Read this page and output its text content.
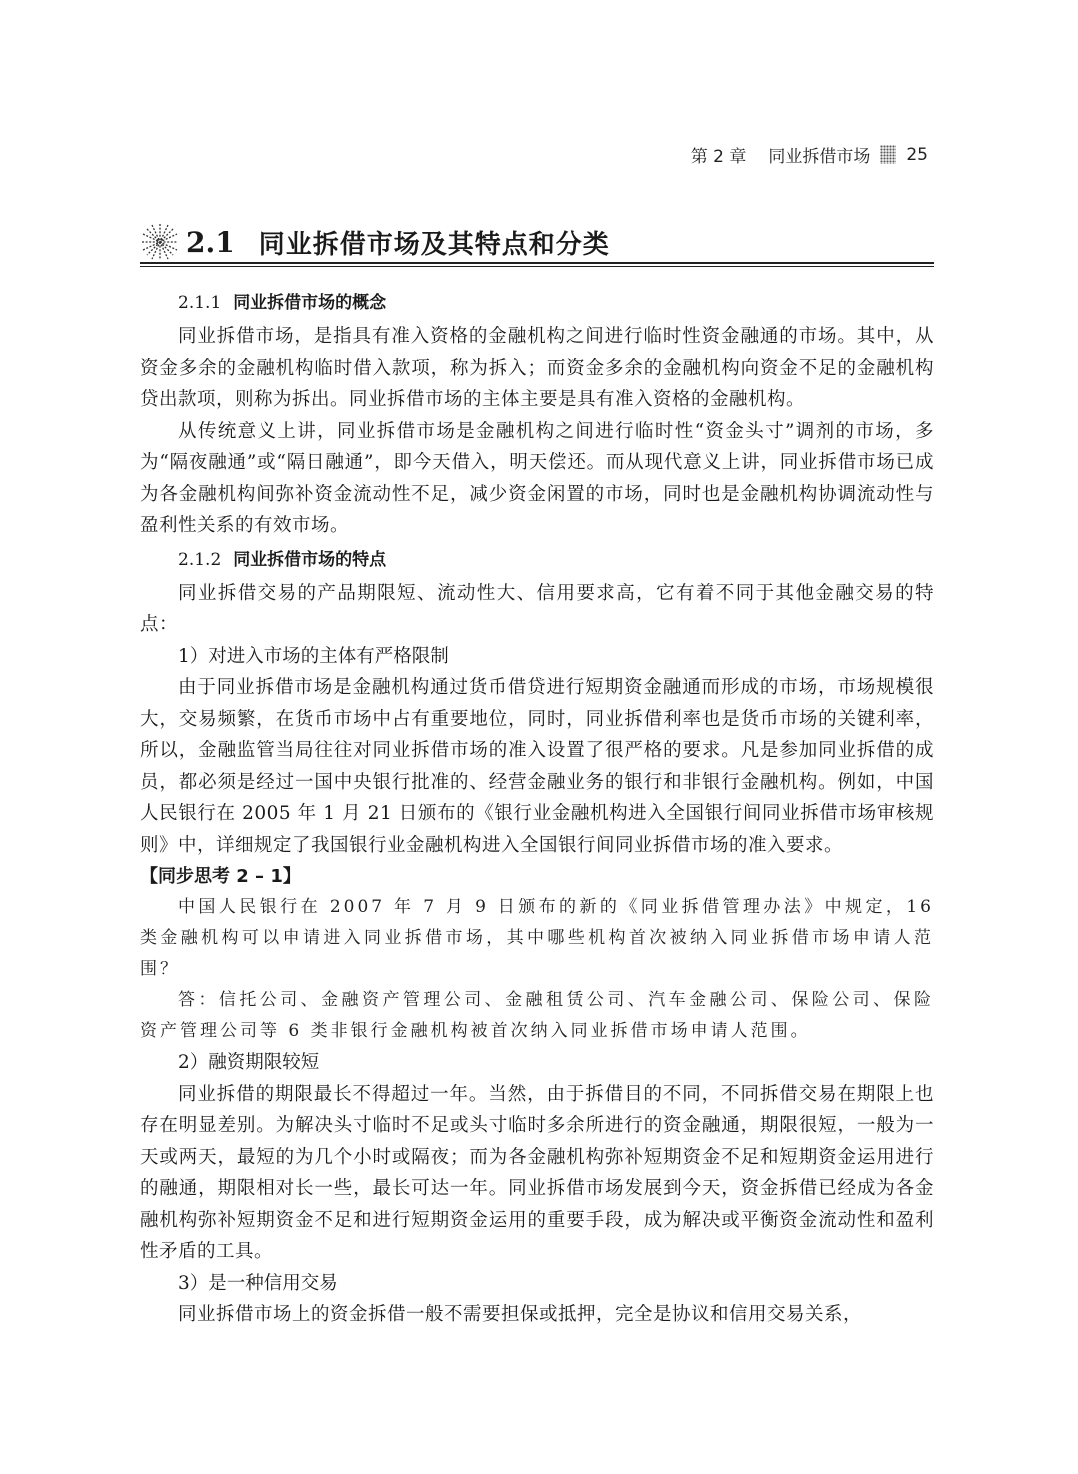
第 2 章 同业拆借市场 25
2.1 同业拆借市场及其特点和分类
2.1.1 同业拆借市场的概念

同业拆借市场，是指具有准入资格的金融机构之间进行临时性资金融通的市场。其中，从资金多余的金融机构临时借入款项，称为拆入；而资金多余的金融机构向资金不足的金融机构贷出款项，则称为拆出。同业拆借市场的主体主要是具有准入资格的金融机构。

从传统意义上讲，同业拆借市场是金融机构之间进行临时性“资金头寸”调剂的市场，多为“隔夜融通”或“隔日融通”，即今天借入，明天偿还。而从现代意义上讲，同业拆借市场已成为各金融机构间弥补资金流动性不足，减少资金闲置的市场，同时也是金融机构协调流动性与盈利性关系的有效市场。

2.1.2 同业拆借市场的特点

同业拆借交易的产品期限短、流动性大、信用要求高，它有着不同于其他金融交易的特点：

1）对进入市场的主体有严格限制

由于同业拆借市场是金融机构通过货币借贷进行短期资金融通而形成的市场，市场规模很大，交易频繁，在货币市场中占有重要地位，同时，同业拆借利率也是货币市场的关键利率，所以，金融监管当局往往对同业拆借市场的准入设置了很严格的要求。凡是参加同业拆借的成员，都必须是经过一国中央银行批准的、经营金融业务的银行和非银行金融机构。例如，中国人民银行在 2005 年 1 月 21 日颁布的《银行业金融机构进入全国银行间同业拆借市场审核规则》中，详细规定了我国银行业金融机构进入全国银行间同业拆借市场的准入要求。

【同步思考 2 – 1】

中国人民银行在 2007 年 7 月 9 日颁布的新的《同业拆借管理办法》中规定，16 类金融机构可以申请进入同业拆借市场，其中哪些机构首次被纳入同业拆借市场申请人范围？

答：信托公司、金融资产管理公司、金融租赁公司、汽车金融公司、保险公司、保险资产管理公司等 6 类非银行金融机构被首次纳入同业拆借市场申请人范围。

2）融资期限较短

同业拆借的期限最长不得超过一年。当然，由于拆借目的不同，不同拆借交易在期限上也存在明显差别。为解决头寸临时不足或头寸临时多余所进行的资金融通，期限很短，一般为一天或两天，最短的为几个小时或隔夜；而为各金融机构弥补短期资金不足和短期资金运用进行的融通，期限相对长一些，最长可达一年。同业拆借市场发展到今天，资金拆借已经成为各金融机构弥补短期资金不足和进行短期资金运用的重要手段，成为解决或平衡资金流动性和盈利性矛盾的工具。

3）是一种信用交易

同业拆借市场上的资金拆借一般不需要担保或抵押，完全是协议和信用交易关系，
